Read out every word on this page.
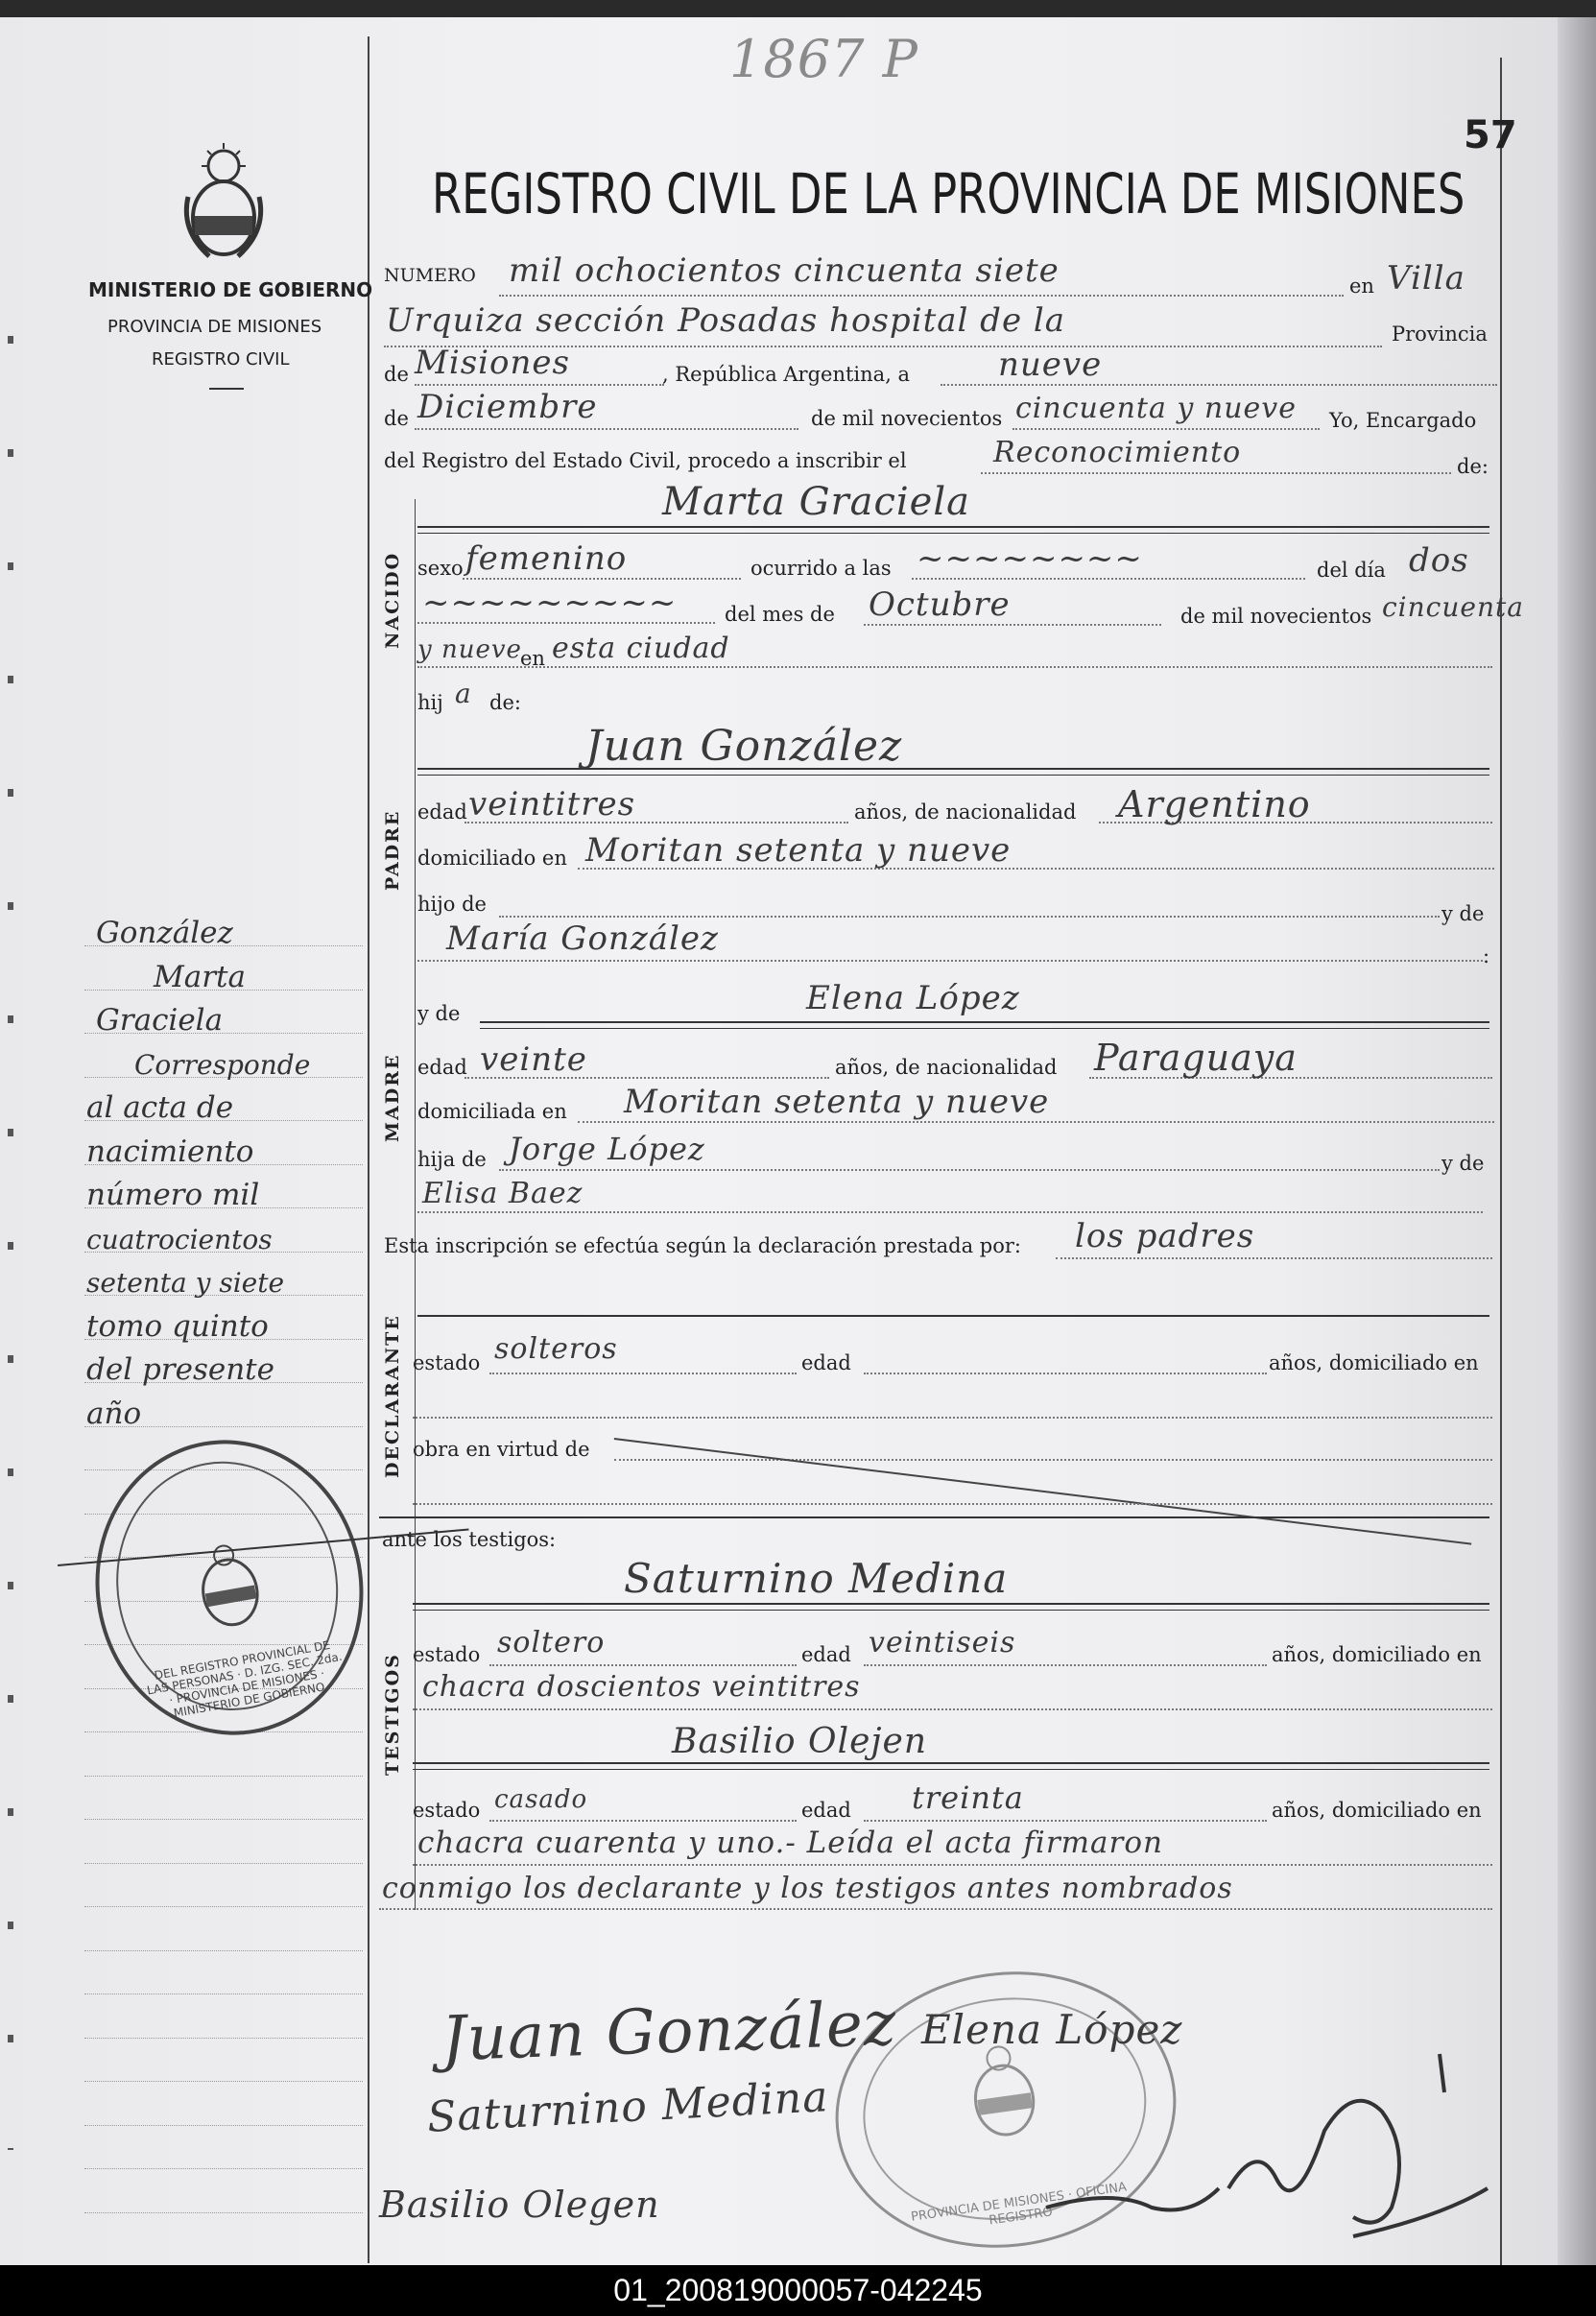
1867 P
57
MINISTERIO DE GOBIERNO
PROVINCIA DE MISIONES
REGISTRO CIVIL
REGISTRO CIVIL DE LA PROVINCIA DE MISIONES
NUMERO mil ochocientos cincuenta siete	en Villa
Urquiza sección Posadas hospital de la	Provincia
de Misiones	, República Argentina, a	nueve
de Diciembre	de mil novecientos cincuenta y nueve Yo, Encargado
del Registro del Estado Civil, procedo a inscribir el	Reconocimiento	de:
Marta Graciela
NACIDO sexo femenino	ocurrido a las ~~~~~~~~	del día dos
~~~~~~~~~ del mes de Octubre	de mil novecientos cincuenta
y nueve
en esta ciudad
hij a de:
Juan González
PADRE edad veintitres	años, de nacionalidad Argentino
domiciliado en Moritan setenta y nueve
hijo de	y de
María González	:
y de	Elena López
MADRE edad veinte	años, de nacionalidad Paraguaya
domiciliada en Moritan setenta y nueve
hija de Jorge López	y de
Elisa Baez
Esta inscripción se efectúa según la declaración prestada por: los padres
DECLARANTE estado solteros	edad	años, domiciliado en
obra en virtud de
ante los testigos:
Saturnino Medina
TESTIGOS estado soltero	edad veintiseis	años, domiciliado en
chacra doscientos veintitres
Basilio Olejen
estado casado	edad treinta	años, domiciliado en
chacra cuarenta y uno.- Leída el acta firmaron
conmigo los declarante y los testigos antes nombrados
González
Marta
Graciela
Corresponde
al acta de
nacimiento
número mil
cuatrocientos
setenta y siete
tomo quinto
del presente
año
DEL REGISTRO PROVINCIAL DE LAS PERSONAS · D. IZG. SEC. 2da. · PROVINCIA DE MISIONES · MINISTERIO DE GOBIERNO
PROVINCIA DE MISIONES · OFICINA REGISTRO
Juan González Elena López
Saturnino Medina
Basilio Olegen
01_200819000057-042245
